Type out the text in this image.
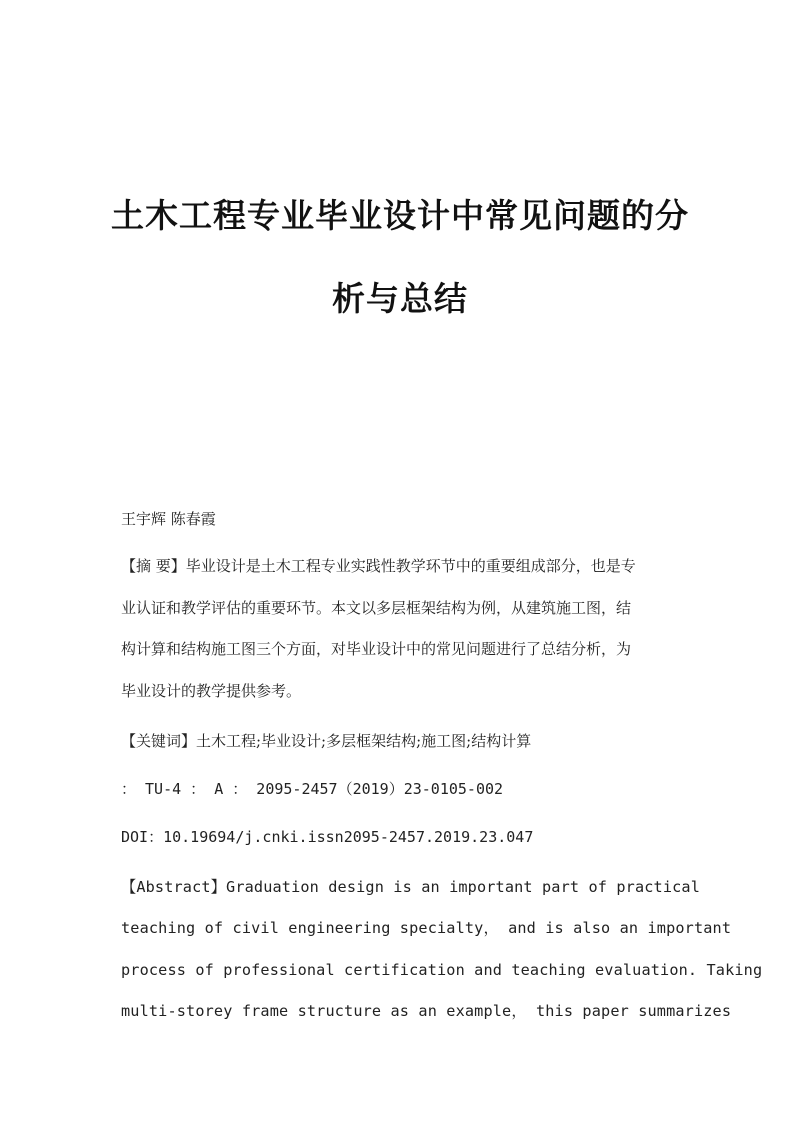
土木工程专业毕业设计中常见问题的分
析与总结
王宇辉 陈春霞
【摘 要】毕业设计是土木工程专业实践性教学环节中的重要组成部分，也是专
业认证和教学评估的重要环节。本文以多层框架结构为例，从建筑施工图，结
构计算和结构施工图三个方面，对毕业设计中的常见问题进行了总结分析，为
毕业设计的教学提供参考。
【关键词】土木工程;毕业设计;多层框架结构;施工图;结构计算
： TU-4 ： A ： 2095-2457（2019）23-0105-002
DOI：10.19694/j.cnki.issn2095-2457.2019.23.047
【Abstract】Graduation design is an important part of practical
teaching of civil engineering specialty， and is also an important
process of professional certification and teaching evaluation. Taking
multi-storey frame structure as an example， this paper summarizes
